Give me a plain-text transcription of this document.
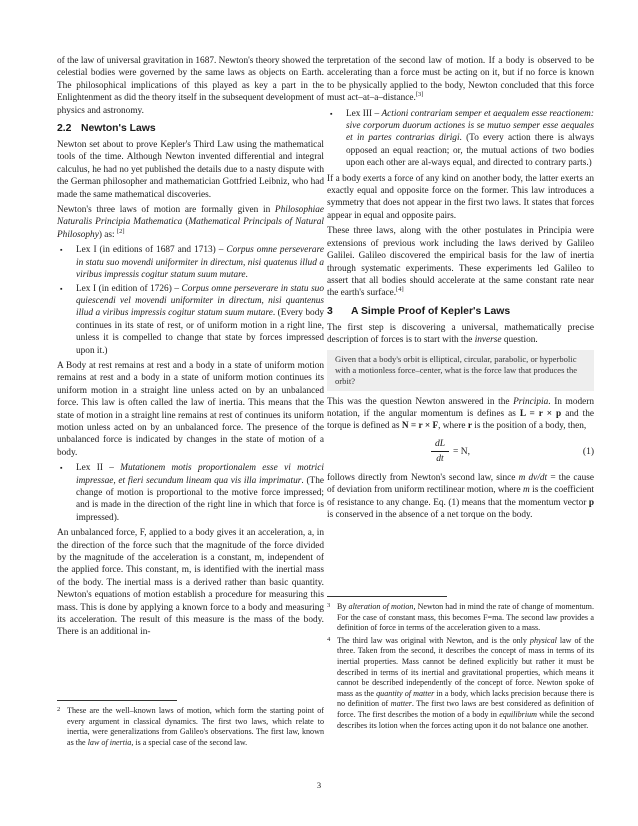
of the law of universal gravitation in 1687. Newton's theory showed the celestial bodies were governed by the same laws as objects on Earth. The philosophical implications of this played as key a part in the Enlightenment as did the theory itself in the subsequent development of physics and astronomy.

2.2 Newton's Laws

Newton set about to prove Kepler's Third Law using the mathematical tools of the time. Although Newton invented differential and integral calculus, he had no yet published the details due to a nasty dispute with the German philosopher and mathematician Gottfried Leibniz, who had made the same mathematical discoveries.

Newton's three laws of motion are formally given in Philosophiae Naturalis Principia Mathematica (Mathematical Principals of Natural Philosophy) as: [2]

▪ Lex I (in editions of 1687 and 1713) – Corpus omne perseverare in statu suo movendi uniformiter in directum, nisi quatenus illud a viribus impressis cogitur statum suum mutare.
▪ Lex I (in edition of 1726) – Corpus omne perseverare in statu suo quiescendi vel movendi uniformiter in directum, nisi quantenus illud a viribus impressis cogitur statum suum mutare. (Every body continues in its state of rest, or of uniform motion in a right line, unless it is compelled to change that state by forces impressed upon it.)

A Body at rest remains at rest and a body in a state of uniform motion remains at rest and a body in a state of uniform motion continues its uniform motion in a straight line unless acted on by an unbalanced force. This law is often called the law of inertia. This means that the state of motion in a straight line remains at rest of continues its uniform motion unless acted on by an unbalanced force. The presence of the unbalanced force is indicated by changes in the state of motion of a body.

▪ Lex II – Mutationem motis proportionalem esse vi motrici impressae, et fieri secundum lineam qua vis illa imprimatur. (The change of motion is proportional to the motive force impressed; and is made in the direction of the right line in which that force is impressed).

An unbalanced force, F, applied to a body gives it an acceleration, a, in the direction of the force such that the magnitude of the force divided by the magnitude of the acceleration is a constant, m, independent of the applied force. This constant, m, is identified with the inertial mass of the body. The inertial mass is a derived rather than basic quantity. Newton's equations of motion establish a procedure for measuring this mass. This is done by applying a known force to a body and measuring its acceleration. The result of this measure is the mass of the body. There is an additional in-

terpretation of the second law of motion. If a body is observed to be accelerating than a force must be acting on it, but if no force is known to be physically applied to the body, Newton concluded that this force must act–at–a–distance.[3]

▪ Lex III – Actioni contrariam semper et aequalem esse reactionem: sive corporum duorum actiones is se mutuo semper esse aequales et in partes contrarias dirigi. (To every action there is always opposed an equal reaction; or, the mutual actions of two bodies upon each other are al-ways equal, and directed to contrary parts.)

If a body exerts a force of any kind on another body, the latter exerts an exactly equal and opposite force on the former. This law introduces a symmetry that does not appear in the first two laws. It states that forces appear in equal and opposite pairs.

These three laws, along with the other postulates in Principia were extensions of previous work including the laws derived by Galileo Galilei. Galileo discovered the empirical basis for the law of inertia through systematic experiments. These experiments led Galileo to assert that all bodies should accelerate at the same constant rate near the earth's surface.[4]

3 A Simple Proof of Kepler's Laws

The first step is discovering a universal, mathematically precise description of forces is to start with the inverse question.

Given that a body's orbit is elliptical, circular, parabolic, or hyperbolic with a motionless force–center, what is the force law that produces the orbit?

This was the question Newton answered in the Principia. In modern notation, if the angular momentum is defines as L = r × p and the torque is defined as N = r × F, where r is the position of a body, then,

$\frac{dL}{dt} = N$,	(1)

follows directly from Newton's second law, since m dv/dt = the cause of deviation from uniform rectilinear motion, where m is the coefficient of resistance to any change. Eq. (1) means that the momentum vector p is conserved in the absence of a net torque on the body.

2 These are the well–known laws of motion, which form the starting point of every argument in classical dynamics. The first two laws, which relate to inertia, were generalizations from Galileo's observations. The first law, known as the law of inertia, is a special case of the second law.
3 By alteration of motion, Newton had in mind the rate of change of momentum. For the case of constant mass, this becomes F=ma. The second law provides a definition of force in terms of the acceleration given to a mass.
4 The third law was original with Newton, and is the only physical law of the three. Taken from the second, it describes the concept of mass in terms of its inertial properties. Mass cannot be defined explicitly but rather it must be described in terms of its inertial and gravitational properties, which means it cannot be described independently of the concept of force. Newton spoke of mass as the quantity of matter in a body, which lacks precision because there is no definition of matter. The first two laws are best considered as definition of force. The first describes the motion of a body in equilibrium while the second describes its lotion when the forces acting upon it do not balance one another.
3
